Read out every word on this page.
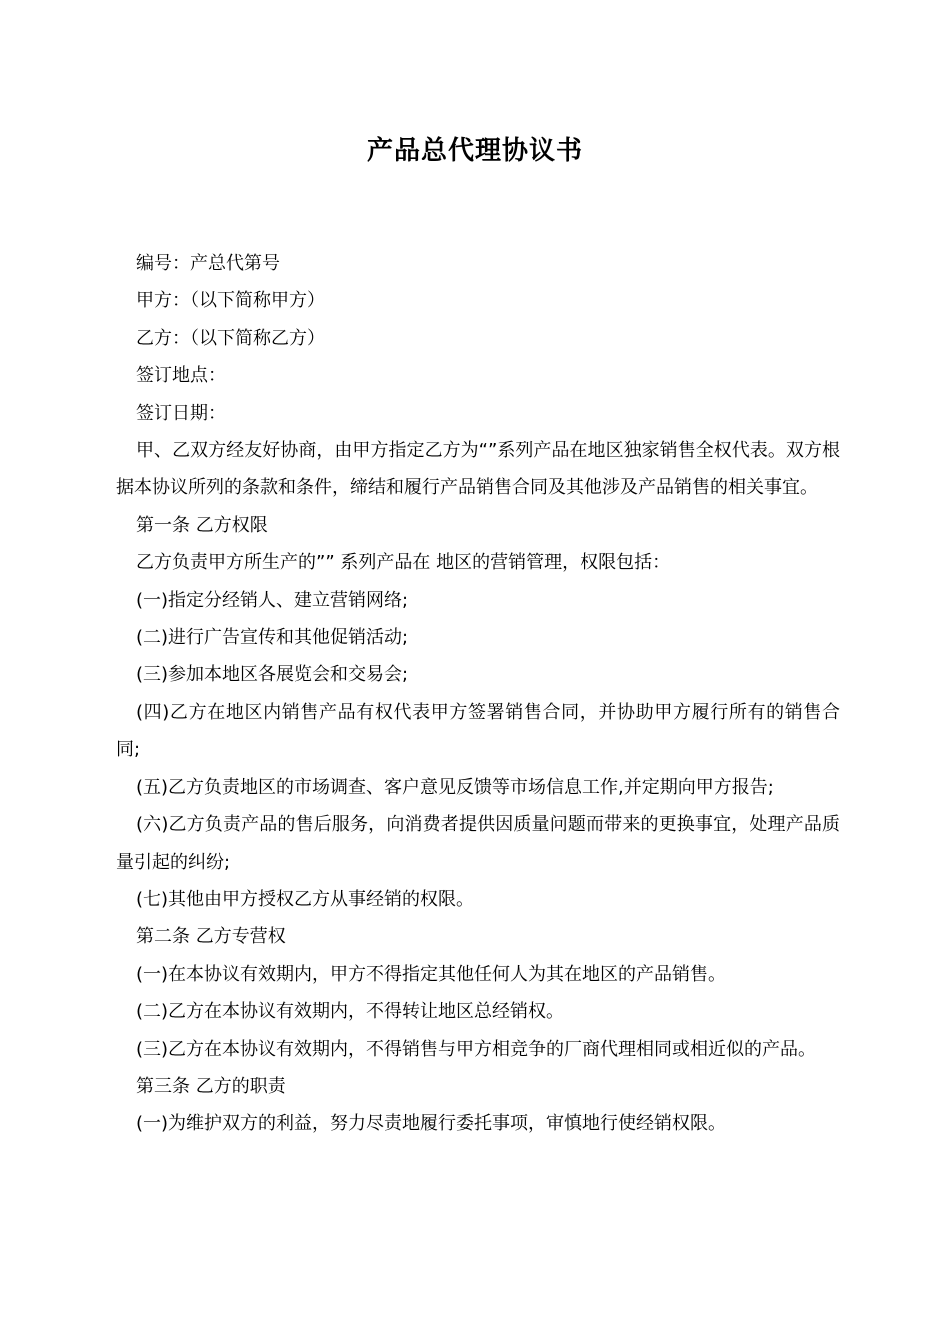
产品总代理协议书

编号：产总代第号

甲方：（以下简称甲方）

乙方：（以下简称乙方）

签订地点：

签订日期：

甲、乙双方经友好协商，由甲方指定乙方为“”系列产品在地区独家销售全权代表。双方根据本协议所列的条款和条件，缔结和履行产品销售合同及其他涉及产品销售的相关事宜。

第一条 乙方权限

乙方负责甲方所生产的”” 系列产品在 地区的营销管理，权限包括：

(一)指定分经销人、建立营销网络;

(二)进行广告宣传和其他促销活动;

(三)参加本地区各展览会和交易会;

(四)乙方在地区内销售产品有权代表甲方签署销售合同，并协助甲方履行所有的销售合同;

(五)乙方负责地区的市场调查、客户意见反馈等市场信息工作,并定期向甲方报告;

(六)乙方负责产品的售后服务，向消费者提供因质量问题而带来的更换事宜，处理产品质量引起的纠纷;

(七)其他由甲方授权乙方从事经销的权限。

第二条 乙方专营权

(一)在本协议有效期内，甲方不得指定其他任何人为其在地区的产品销售。

(二)乙方在本协议有效期内，不得转让地区总经销权。

(三)乙方在本协议有效期内，不得销售与甲方相竞争的厂商代理相同或相近似的产品。

第三条 乙方的职责

(一)为维护双方的利益，努力尽责地履行委托事项，审慎地行使经销权限。
